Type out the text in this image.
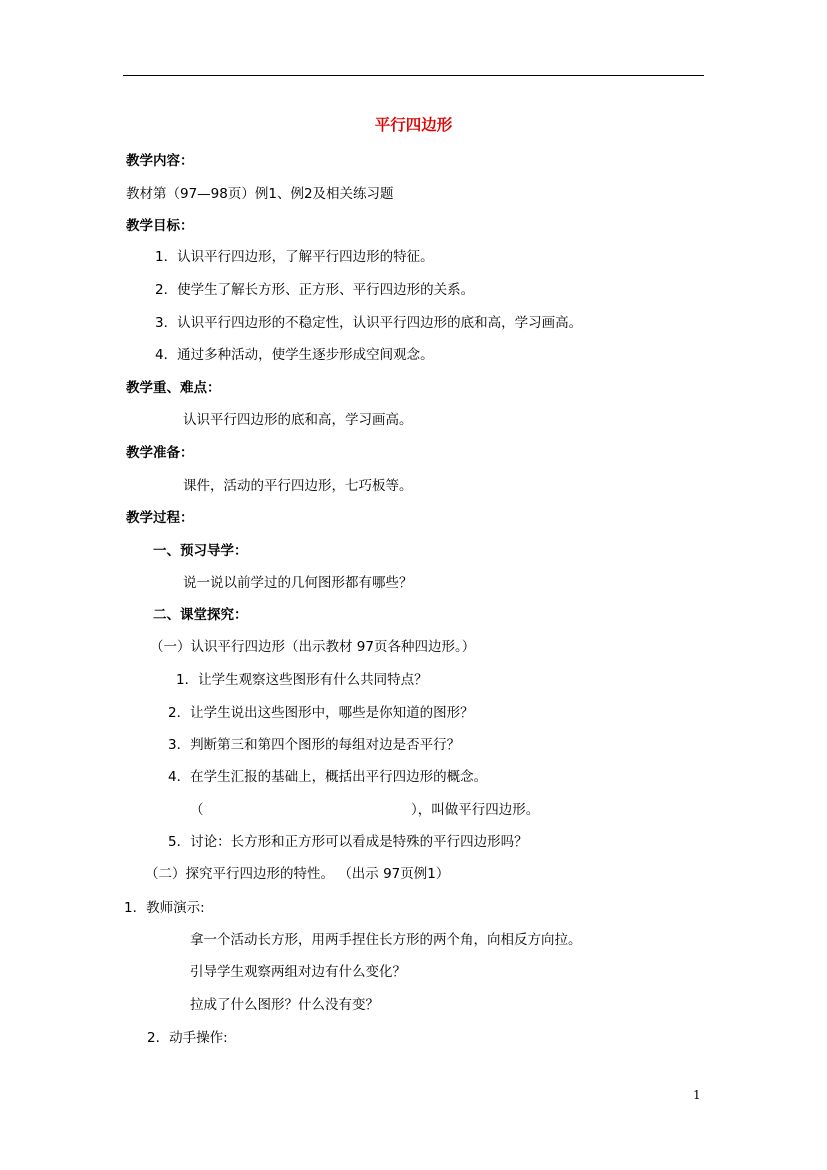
平行四边形
教学内容：
教材第（97—98页）例1、例2及相关练习题
教学目标：
1．认识平行四边形，了解平行四边形的特征。
2．使学生了解长方形、正方形、平行四边形的关系。
3．认识平行四边形的不稳定性，认识平行四边形的底和高，学习画高。
4．通过多种活动，使学生逐步形成空间观念。
教学重、难点：
认识平行四边形的底和高，学习画高。
教学准备：
课件，活动的平行四边形，七巧板等。
教学过程：
一、预习导学：
说一说以前学过的几何图形都有哪些？
二、课堂探究：
（一）认识平行四边形（出示教材 97页各种四边形。）
1．让学生观察这些图形有什么共同特点？
2．让学生说出这些图形中，哪些是你知道的图形？
3．判断第三和第四个图形的每组对边是否平行？
4．在学生汇报的基础上，概括出平行四边形的概念。
（	），叫做平行四边形。
5．讨论：长方形和正方形可以看成是特殊的平行四边形吗？
（二）探究平行四边形的特性。 （出示 97页例1）
1．教师演示:
拿一个活动长方形，用两手捏住长方形的两个角，向相反方向拉。
引导学生观察两组对边有什么变化？
拉成了什么图形？什么没有变？
2．动手操作:
1
